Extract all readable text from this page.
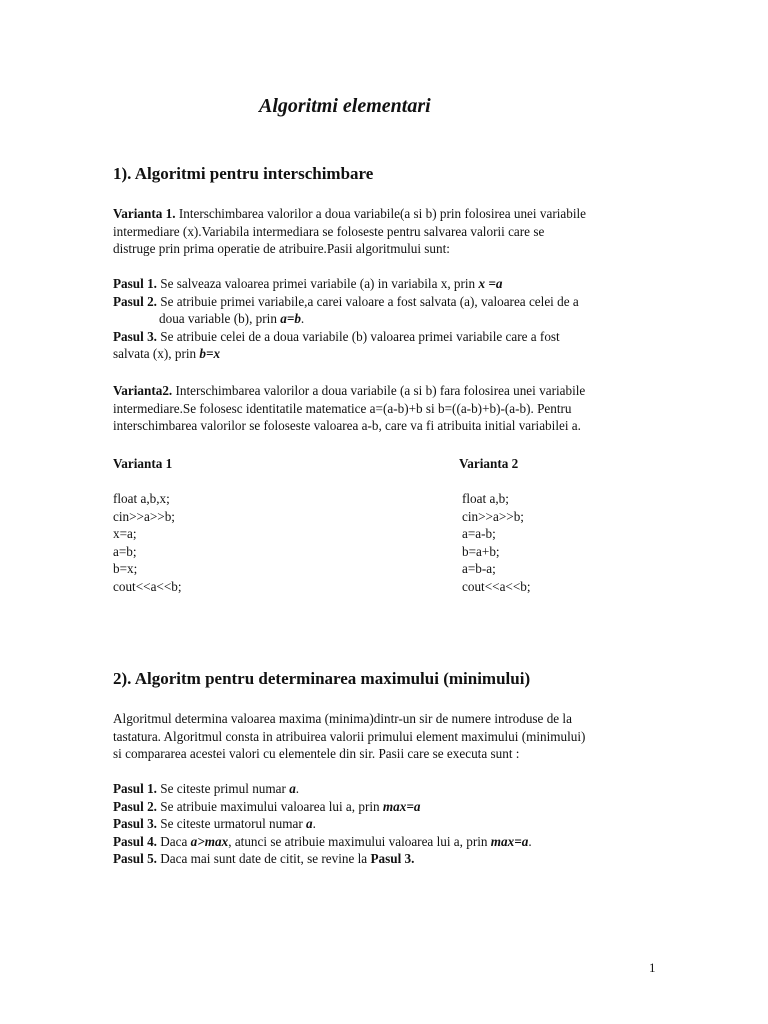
Algoritmi elementari
1). Algoritmi pentru interschimbare
Varianta 1. Interschimbarea valorilor a doua variabile(a si b) prin folosirea unei variabile
intermediare (x).Variabila intermediara se foloseste pentru salvarea valorii care se
distruge prin prima operatie de atribuire.Pasii algoritmului sunt:
Pasul 1. Se salveaza valoarea primei variabile (a) in variabila x, prin x =a
Pasul 2. Se atribuie primei variabile,a carei valoare a fost salvata (a), valoarea celei de a
doua variable (b), prin a=b.
Pasul 3. Se atribuie celei de a doua variabile (b) valoarea primei variabile care a fost
salvata (x), prin b=x
Varianta2. Interschimbarea valorilor a doua variabile (a si b) fara folosirea unei variabile
intermediare.Se folosesc identitatile matematice a=(a-b)+b si b=((a-b)+b)-(a-b). Pentru
interschimbarea valorilor se foloseste valoarea a-b, care va fi atribuita initial variabilei a.
Varianta 1	Varianta 2
float a,b,x;
cin>>a>>b;
x=a;
a=b;
b=x;
cout<<a<<b;
float a,b;
cin>>a>>b;
a=a-b;
b=a+b;
a=b-a;
cout<<a<<b;
2). Algoritm pentru determinarea maximului (minimului)
Algoritmul determina valoarea maxima (minima)dintr-un sir de numere introduse de la
tastatura. Algoritmul consta in atribuirea valorii primului element maximului (minimului)
si compararea acestei valori cu elementele din sir. Pasii care se executa sunt :
Pasul 1. Se citeste primul numar a.
Pasul 2. Se atribuie maximului valoarea lui a, prin max=a
Pasul 3. Se citeste urmatorul numar a.
Pasul 4. Daca a>max, atunci se atribuie maximului valoarea lui a, prin max=a.
Pasul 5. Daca mai sunt date de citit, se revine la Pasul 3.
1
